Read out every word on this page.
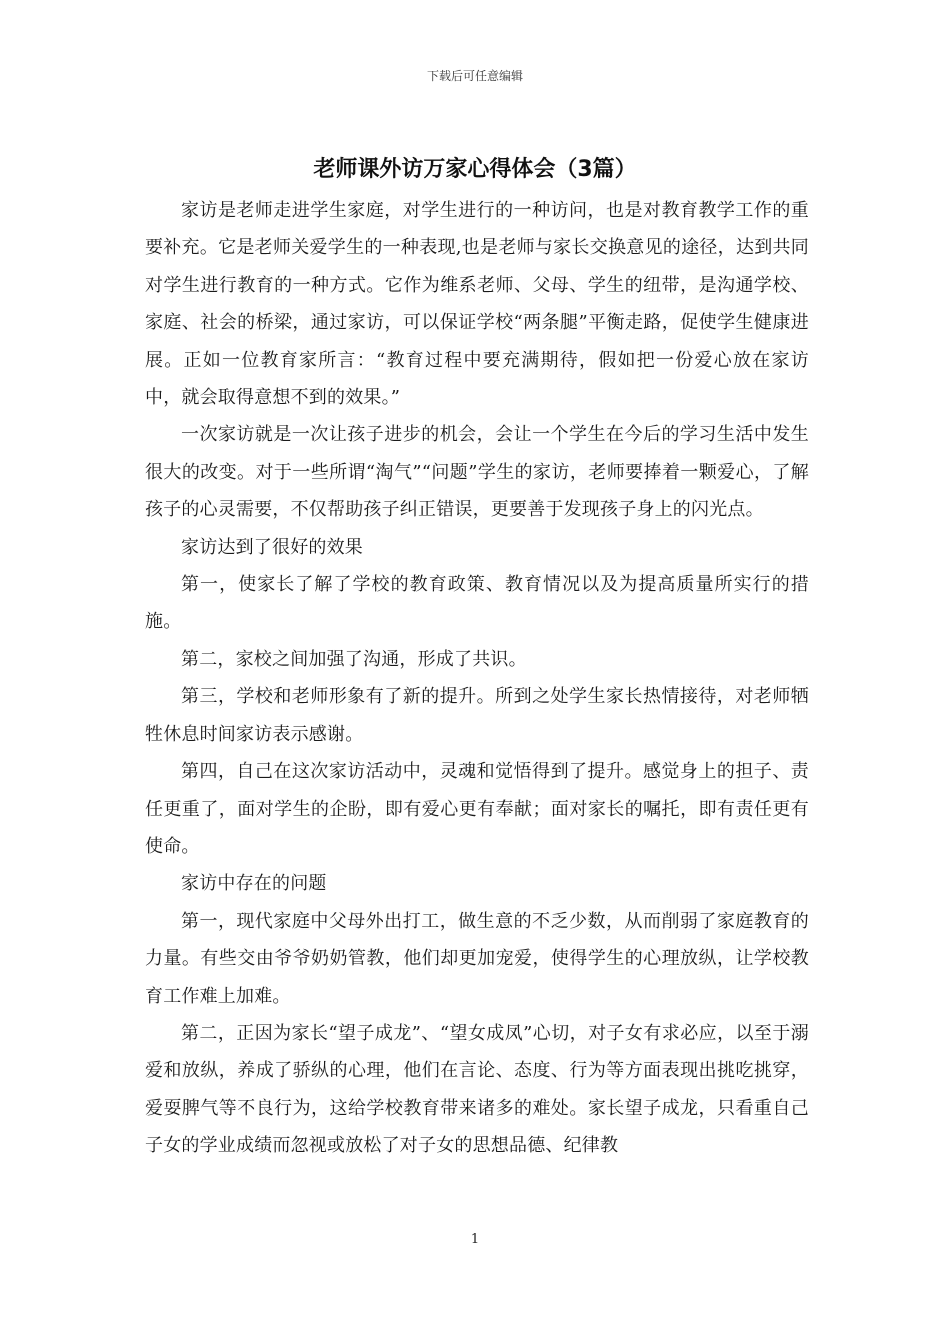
下载后可任意编辑
老师课外访万家心得体会（3篇）

家访是老师走进学生家庭，对学生进行的一种访问，也是对教育教学工作的重要补充。它是老师关爱学生的一种表现,也是老师与家长交换意见的途径，达到共同对学生进行教育的一种方式。它作为维系老师、父母、学生的纽带，是沟通学校、家庭、社会的桥梁，通过家访，可以保证学校“两条腿”平衡走路，促使学生健康进展。正如一位教育家所言：“教育过程中要充满期待，假如把一份爱心放在家访中，就会取得意想不到的效果。”

一次家访就是一次让孩子进步的机会，会让一个学生在今后的学习生活中发生很大的改变。对于一些所谓“淘气”“问题”学生的家访，老师要捧着一颗爱心，了解孩子的心灵需要，不仅帮助孩子纠正错误，更要善于发现孩子身上的闪光点。

家访达到了很好的效果

第一，使家长了解了学校的教育政策、教育情况以及为提高质量所实行的措施。

第二，家校之间加强了沟通，形成了共识。

第三，学校和老师形象有了新的提升。所到之处学生家长热情接待，对老师牺牲休息时间家访表示感谢。

第四，自己在这次家访活动中，灵魂和觉悟得到了提升。感觉身上的担子、责任更重了，面对学生的企盼，即有爱心更有奉献；面对家长的嘱托，即有责任更有使命。

家访中存在的问题

第一，现代家庭中父母外出打工，做生意的不乏少数，从而削弱了家庭教育的力量。有些交由爷爷奶奶管教，他们却更加宠爱，使得学生的心理放纵，让学校教育工作难上加难。

第二，正因为家长“望子成龙”、“望女成凤”心切，对子女有求必应，以至于溺爱和放纵，养成了骄纵的心理，他们在言论、态度、行为等方面表现出挑吃挑穿，爱耍脾气等不良行为，这给学校教育带来诸多的难处。家长望子成龙，只看重自己子女的学业成绩而忽视或放松了对子女的思想品德、纪律教

1
